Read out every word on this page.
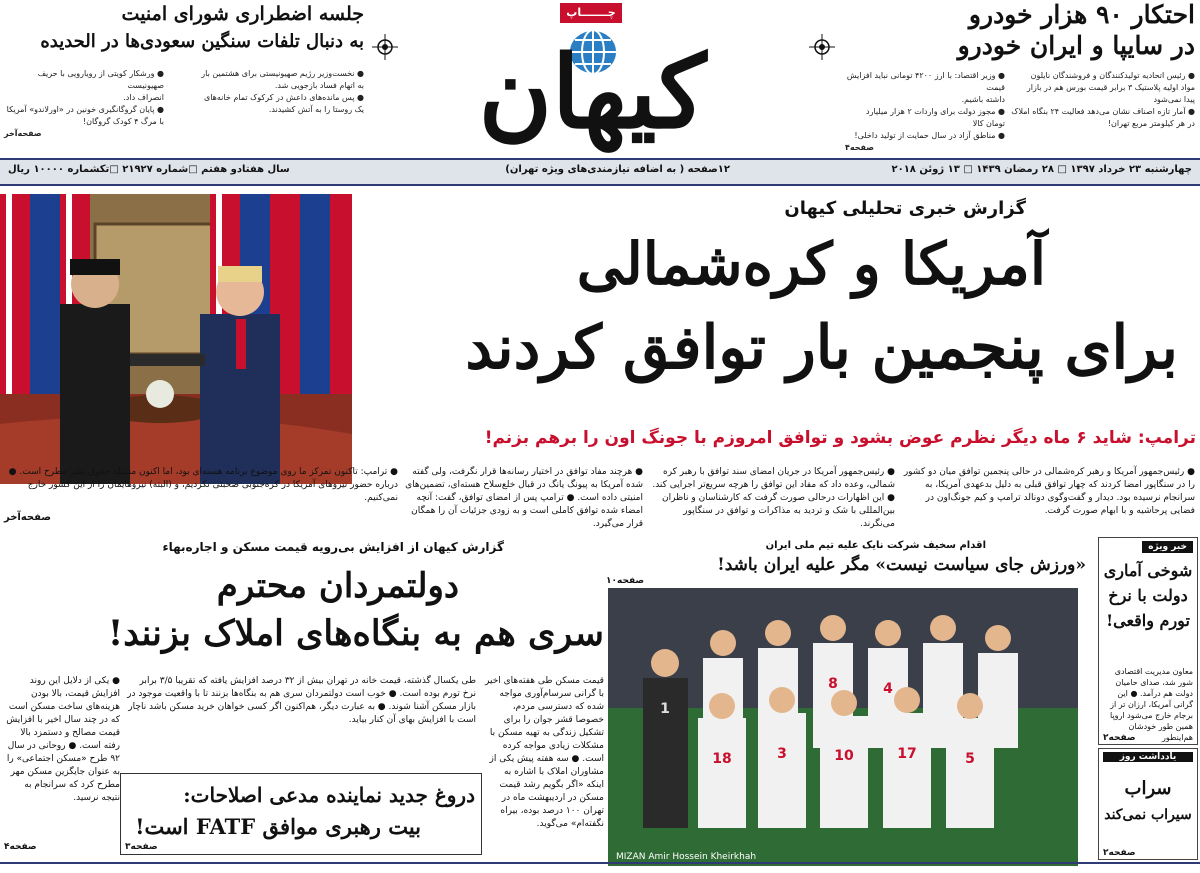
چـــــــاپ
کیهان
احتکار ۹۰ هزار خودرو
در سایپا و ایران خودرو
● رئیس اتحادیه تولیدکنندگان و فروشندگان نایلون
مواد اولیه پلاستیک ۳ برابر قیمت بورس هم در بازار
پیدا نمی‌شود
● آمار تازه اصناف نشان می‌دهد فعالیت ۲۴ بنگاه املاک
در هر کیلومتر مربع تهران!
● وزیر اقتصاد: با ارز ۴۲۰۰ تومانی نباید افزایش قیمت
داشته باشیم.
● مجوز دولت برای واردات ۲ هزار میلیارد تومان کالا
● مناطق آزاد در سال حمایت از تولید داخلی!
صفحه۴
جلسه اضطراری شورای امنیت
به دنبال تلفات سنگین سعودی‌ها در الحدیده
● نخست‌وزیر رژیم صهیونیستی برای هشتمین بار
به اتهام فساد بازجویی شد.
● پس مانده‌های داعش در کرکوک تمام خانه‌های
یک روستا را به آتش کشیدند.
● ورشکار کویتی از رویارویی با حریف صهیونیست
انصراف داد.
● پایان گروگانگیری خونین در «اورلاندو» آمریکا
با مرگ ۴ کودک گروگان!
صفحه‌آخر
چهارشنبه ۲۳ خرداد ۱۳۹۷ □ ۲۸ رمضان ۱۴۳۹ □ ۱۳ ژوئن ۲۰۱۸
۱۲صفحه ( به اضافه نیازمندی‌های ویژه تهران)
سال هفتادو هفتم □شماره ۲۱۹۲۷ □تکشماره ۱۰۰۰۰ ریال
گزارش خبری تحلیلی کیهان
آمریکا و کره‌شمالی
برای پنجمین بار توافق کردند
ترامپ: شاید ۶ ماه دیگر نظرم عوض بشود و توافق امروزم با جونگ اون را برهم بزنم!
● رئیس‌جمهور آمریکا و رهبر کره‌شمالی در حالی پنجمین توافق میان دو کشور را در سنگاپور امضا کردند که چهار توافق قبلی به دلیل بدعهدی آمریکا، به سرانجام نرسیده بود. دیدار و گفت‌وگوی دونالد ترامپ و کیم جونگ‌اون در فضایی پرحاشیه و با ابهام صورت گرفت.
● رئیس‌جمهور آمریکا در جریان امضای سند توافق با رهبر کره شمالی، وعده داد که مفاد این توافق را هرچه سریع‌تر اجرایی کند. ● این اظهارات درحالی صورت گرفت که کارشناسان و ناظران بین‌المللی با شک و تردید به مذاکرات و توافق در سنگاپور می‌نگرند.
● هرچند مفاد توافق در اختیار رسانه‌ها قرار نگرفت، ولی گفته شده آمریکا به پیونگ یانگ در قبال خلع‌سلاح هسته‌ای، تضمین‌های امنیتی داده است. ● ترامپ پس از امضای توافق، گفت: آنچه امضاء شده توافق کاملی است و به زودی جزئیات آن را همگان قرار می‌گیرد.
● ترامپ: تاکنون تمرکز ما روی موضوع برنامه هسته‌ای بود، اما اکنون مسئله حقوق بشر مطرح است. ● درباره حضور نیروهای آمریکا در کره‌جنوبی صحبتی نکردیم، و (البته) نیروهایمان را از این کشور خارج نمی‌کنیم.
صفحه‌آخر
خبر ویژه
شوخی آماری دولت با نرخ تورم واقعی!
معاون مدیریت اقتصادی شور شد، صدای حامیان دولت هم درآمد. ● این گرانی آمریکا، ارزان تر از برجام خارج می‌شود اروپا همین طور خودشان هم‌اینطور
صفحه۲
یادداشت روز
سراب
سیراب نمی‌کند
صفحه۲
اقدام سخیف شرکت نایک علیه تیم ملی ایران
«ورزش جای سیاست نیست» مگر علیه ایران باشد!
صفحه۱۰
18	3	10	17	5
8	4
1
MIZAN Amir Hossein Kheirkhah
گزارش کیهان از افزایش بی‌رویه قیمت مسکن و اجاره‌بهاء
دولتمردان محترم
سری هم به بنگاه‌های املاک بزنند!
قیمت مسکن طی هفته‌های اخیر با گرانی سرسام‌آوری مواجه شده که دسترسی مردم، خصوصا قشر جوان را برای تشکیل زندگی به تهیه مسکن با مشکلات زیادی مواجه کرده است. ● سه هفته پیش یکی از مشاوران املاک با اشاره به اینکه «اگر بگویم رشد قیمت مسکن در اردیبهشت ماه در تهران ۱۰۰ درصد بوده، بیراه نگفته‌ام» می‌گوید.
طی یکسال گذشته، قیمت خانه در تهران بیش از ۳۲ درصد افزایش یافته که تقریبا ۳/۵ برابر نرخ تورم بوده است. ● خوب است دولتمردان سری هم به بنگاه‌ها بزنند تا با واقعیت موجود در بازار مسکن آشنا شوند. ● به عبارت دیگر، هم‌اکنون اگر کسی خواهان خرید مسکن باشد ناچار است با افزایش بهای آن کنار بیاید.
● یکی از دلایل این روند افزایش قیمت، بالا بودن هزینه‌های ساخت مسکن است که در چند سال اخیر با افزایش قیمت مصالح و دستمزد بالا رفته است. ● روحانی در سال ۹۲ طرح «مسکن اجتماعی» را به عنوان جایگزین مسکن مهر مطرح کرد که سرانجام به نتیجه نرسید.
صفحه۴
دروغ جدید نماینده مدعی اصلاحات:
بیت رهبری موافق FATF است!
صفحه۳
